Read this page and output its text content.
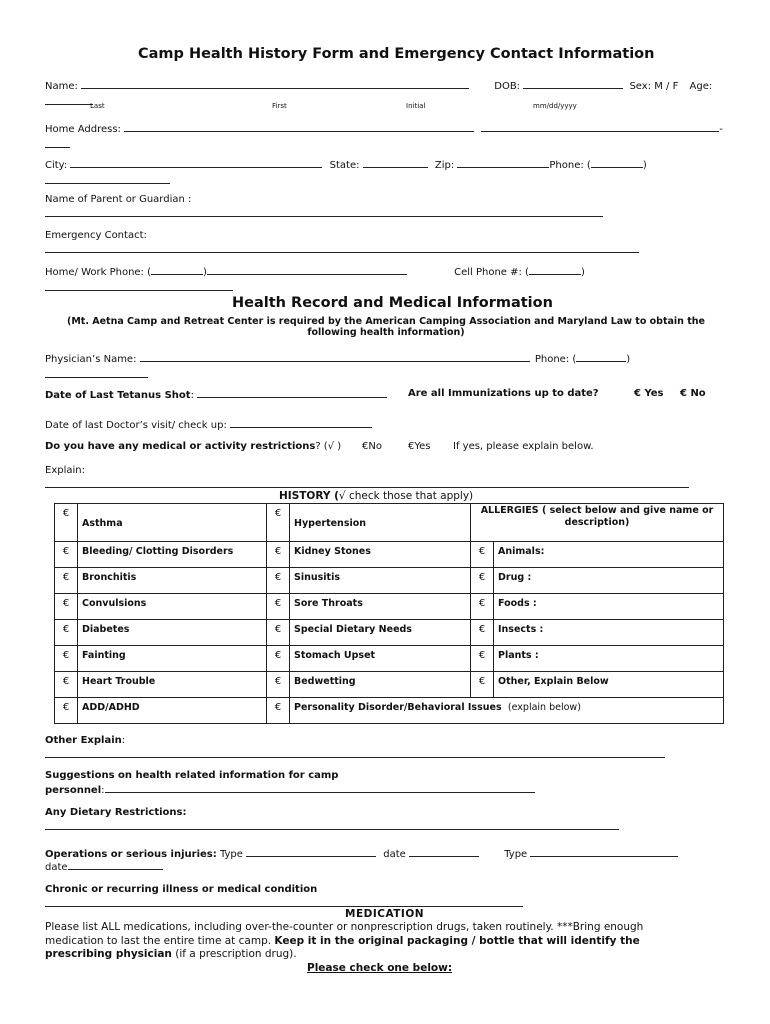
Camp Health History Form and Emergency Contact Information
Name:	DOB:	Sex: M / F Age:
Last	First	Initial	mm/dd/yyyy
Home Address:	-
City:	State:	Zip:	Phone: (	)
Name of Parent or Guardian :
Emergency Contact:
Home/ Work Phone: (	)	Cell Phone #: (	)
Health Record and Medical Information
(Mt. Aetna Camp and Retreat Center is required by the American Camping Association and Maryland Law to obtain the following health information)
Physician’s Name:	Phone: (	)
Date of Last Tetanus Shot:	Are all Immunizations up to date?	€ Yes € No
Date of last Doctor’s visit/ check up:
Do you have any medical or activity restrictions? (√ ) €No	€Yes If yes, please explain below.
Explain:
HISTORY (√ check those that apply)
€	Asthma	€	Hypertension	ALLERGIES ( select below and give name or description)	
€	Bleeding/ Clotting Disorders	€	Kidney Stones	€	Animals:
€	Bronchitis	€	Sinusitis	€	Drug :
€	Convulsions	€	Sore Throats	€	Foods :
€	Diabetes	€	Special Dietary Needs	€	Insects :
€	Fainting	€	Stomach Upset	€	Plants :
€	Heart Trouble	€	Bedwetting	€	Other, Explain Below
€	ADD/ADHD	€	Personality Disorder/Behavioral Issues (explain below)		
Other Explain:
Suggestions on health related information for camp
personnel:
Any Dietary Restrictions:
Operations or serious injuries: Type	date	Type
date
Chronic or recurring illness or medical condition
MEDICATION
Please list ALL medications, including over-the-counter or nonprescription drugs, taken routinely. ***Bring enough
medication to last the entire time at camp. Keep it in the original packaging / bottle that will identify the
prescribing physician (if a prescription drug).
Please check one below:
